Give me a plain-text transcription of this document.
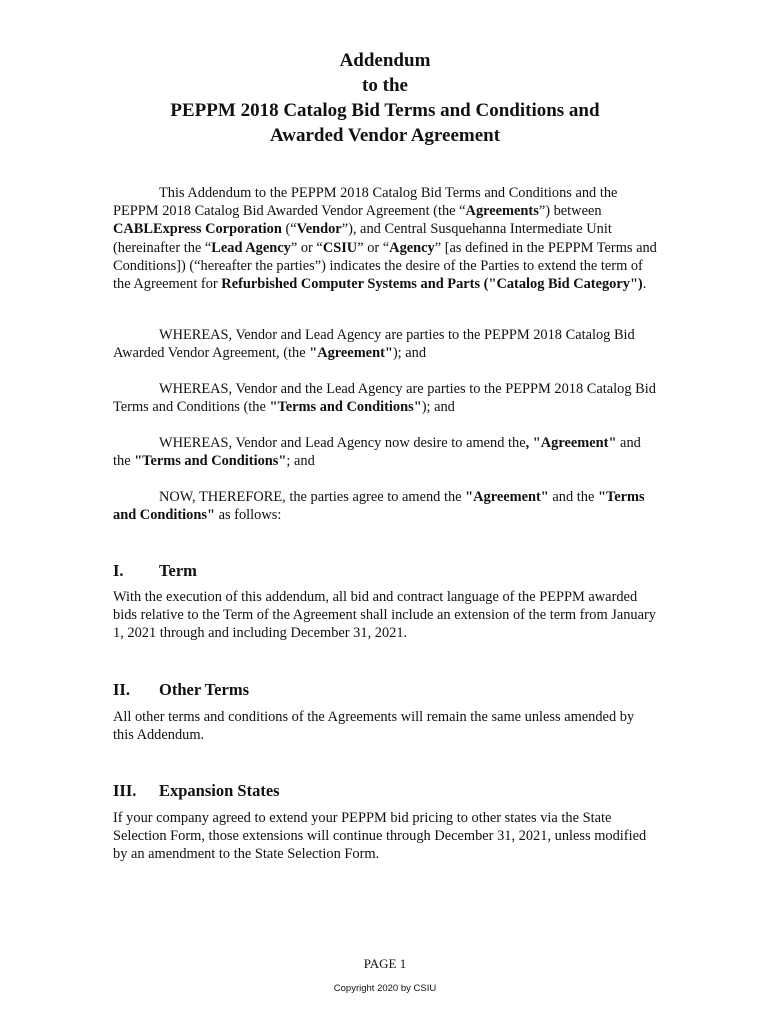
Addendum
to the
PEPPM 2018 Catalog Bid Terms and Conditions and
Awarded Vendor Agreement

This Addendum to the PEPPM 2018 Catalog Bid Terms and Conditions and the PEPPM 2018 Catalog Bid Awarded Vendor Agreement (the “Agreements”) between CABLExpress Corporation (“Vendor”), and Central Susquehanna Intermediate Unit (hereinafter the “Lead Agency” or “CSIU” or “Agency” [as defined in the PEPPM Terms and Conditions]) (“hereafter the parties”) indicates the desire of the Parties to extend the term of the Agreement for Refurbished Computer Systems and Parts ("Catalog Bid Category").

WHEREAS, Vendor and Lead Agency are parties to the PEPPM 2018 Catalog Bid Awarded Vendor Agreement, (the "Agreement"); and

WHEREAS, Vendor and the Lead Agency are parties to the PEPPM 2018 Catalog Bid Terms and Conditions (the "Terms and Conditions"); and

WHEREAS, Vendor and Lead Agency now desire to amend the, "Agreement" and the "Terms and Conditions"; and

NOW, THEREFORE, the parties agree to amend the "Agreement" and the "Terms and Conditions" as follows:

I. Term

With the execution of this addendum, all bid and contract language of the PEPPM awarded bids relative to the Term of the Agreement shall include an extension of the term from January 1, 2021 through and including December 31, 2021.

II. Other Terms

All other terms and conditions of the Agreements will remain the same unless amended by this Addendum.

III. Expansion States

If your company agreed to extend your PEPPM bid pricing to other states via the State Selection Form, those extensions will continue through December 31, 2021, unless modified by an amendment to the State Selection Form.

PAGE 1
Copyright 2020 by CSIU
